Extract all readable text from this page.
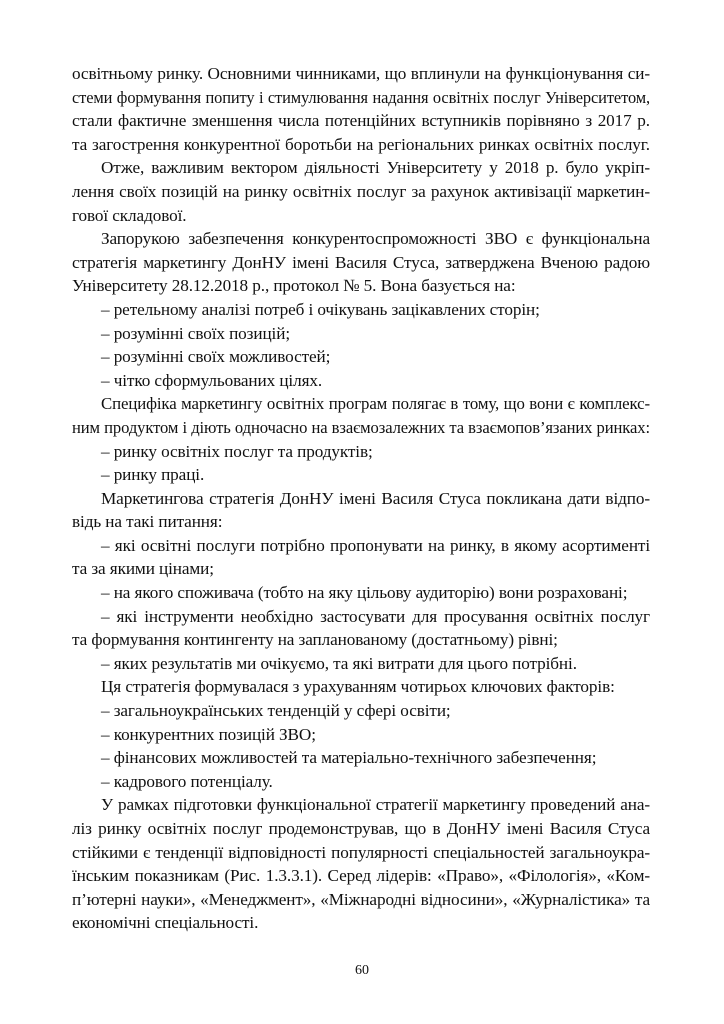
освітньому ринку. Основними чинниками, що вплинули на функціонування си-
стеми формування попиту і стимулювання надання освітніх послуг Університетом,
стали фактичне зменшення числа потенційних вступників порівняно з 2017 р.
та загострення конкурентної боротьби на регіональних ринках освітніх послуг.
Отже, важливим вектором діяльності Університету у 2018 р. було укріп-
лення своїх позицій на ринку освітніх послуг за рахунок активізації маркетин-
гової складової.
Запорукою забезпечення конкурентоспроможності ЗВО є функціональна
стратегія маркетингу ДонНУ імені Василя Стуса, затверджена Вченою радою
Університету 28.12.2018 р., протокол № 5. Вона базується на:
– ретельному аналізі потреб і очікувань зацікавлених сторін;
– розумінні своїх позицій;
– розумінні своїх можливостей;
– чітко сформульованих цілях.
Специфіка маркетингу освітніх програм полягає в тому, що вони є комплекс-
ним продуктом і діють одночасно на взаємозалежних та взаємопов’язаних ринках:
– ринку освітніх послуг та продуктів;
– ринку праці.
Маркетингова стратегія ДонНУ імені Василя Стуса покликана дати відпо-
відь на такі питання:
– які освітні послуги потрібно пропонувати на ринку, в якому асортименті
та за якими цінами;
– на якого споживача (тобто на яку цільову аудиторію) вони розраховані;
– які інструменти необхідно застосувати для просування освітніх послуг
та формування контингенту на запланованому (достатньому) рівні;
– яких результатів ми очікуємо, та які витрати для цього потрібні.
Ця стратегія формувалася з урахуванням чотирьох ключових факторів:
– загальноукраїнських тенденцій у сфері освіти;
– конкурентних позицій ЗВО;
– фінансових можливостей та матеріально-технічного забезпечення;
– кадрового потенціалу.
У рамках підготовки функціональної стратегії маркетингу проведений ана-
ліз ринку освітніх послуг продемонстрував, що в ДонНУ імені Василя Стуса
стійкими є тенденції відповідності популярності спеціальностей загальноукра-
їнським показникам (Рис. 1.3.3.1). Серед лідерів: «Право», «Філологія», «Ком-
п’ютерні науки», «Менеджмент», «Міжнародні відносини», «Журналістика» та
економічні спеціальності.
60
